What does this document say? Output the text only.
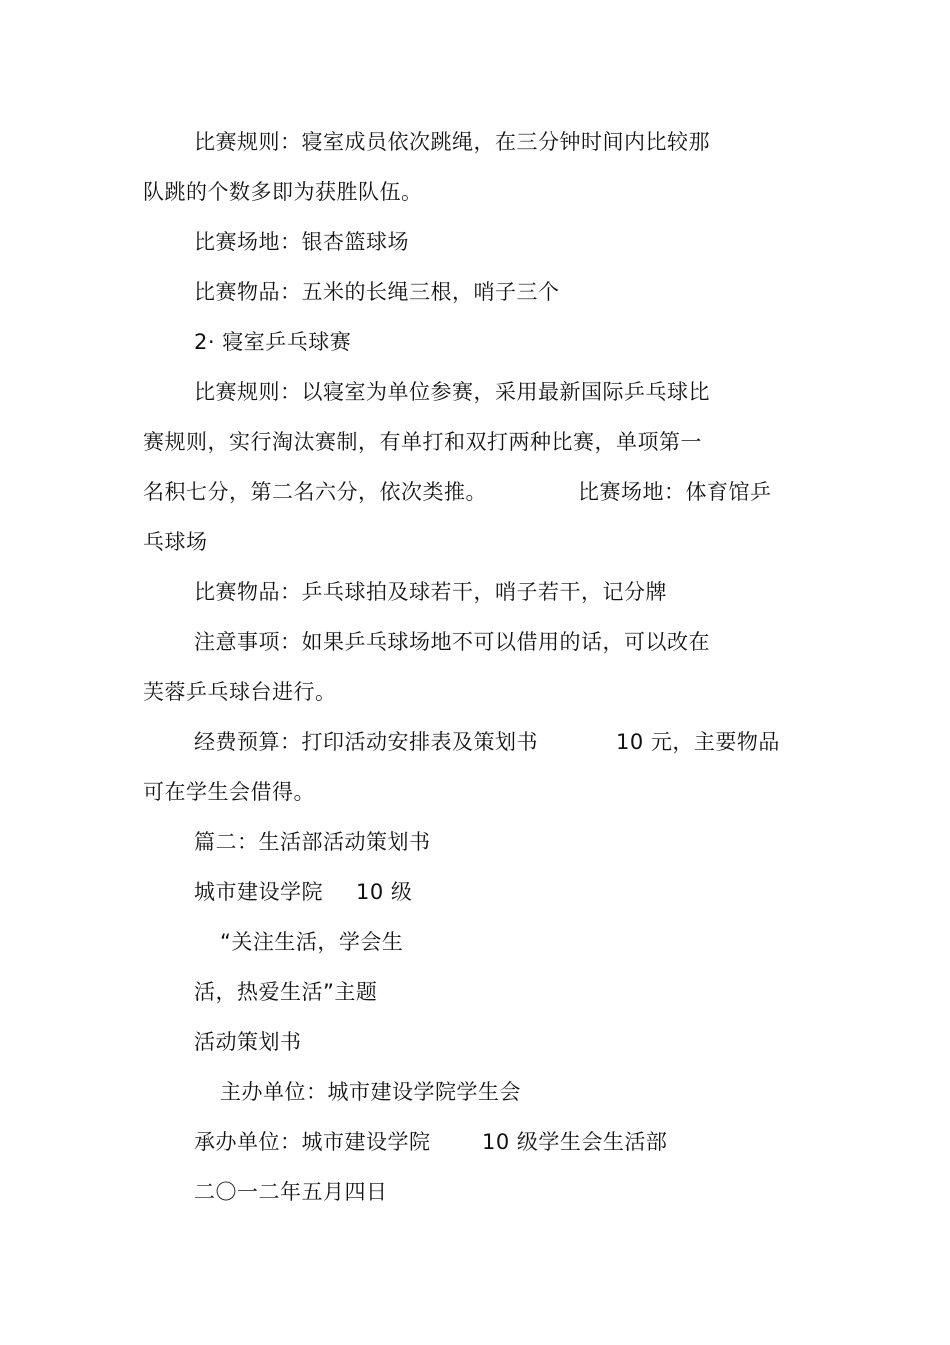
比赛规则：寝室成员依次跳绳，在三分钟时间内比较那
队跳的个数多即为获胜队伍。
比赛场地：银杏篮球场
比赛物品：五米的长绳三根，哨子三个
2· 寝室乒乓球赛
比赛规则：以寝室为单位参赛，采用最新国际乒乓球比
赛规则，实行淘汰赛制，有单打和双打两种比赛，单项第一
名积七分，第二名六分，依次类推。	比赛场地：体育馆乒
乓球场
比赛物品：乒乓球拍及球若干，哨子若干，记分牌
注意事项：如果乒乓球场地不可以借用的话，可以改在
芙蓉乒乓球台进行。
经费预算：打印活动安排表及策划书	10 元，主要物品
可在学生会借得。
篇二：生活部活动策划书
城市建设学院 10 级
“关注生活，学会生
活，热爱生活”主题
活动策划书
主办单位：城市建设学院学生会
承办单位：城市建设学院 10 级学生会生活部
二〇一二年五月四日
